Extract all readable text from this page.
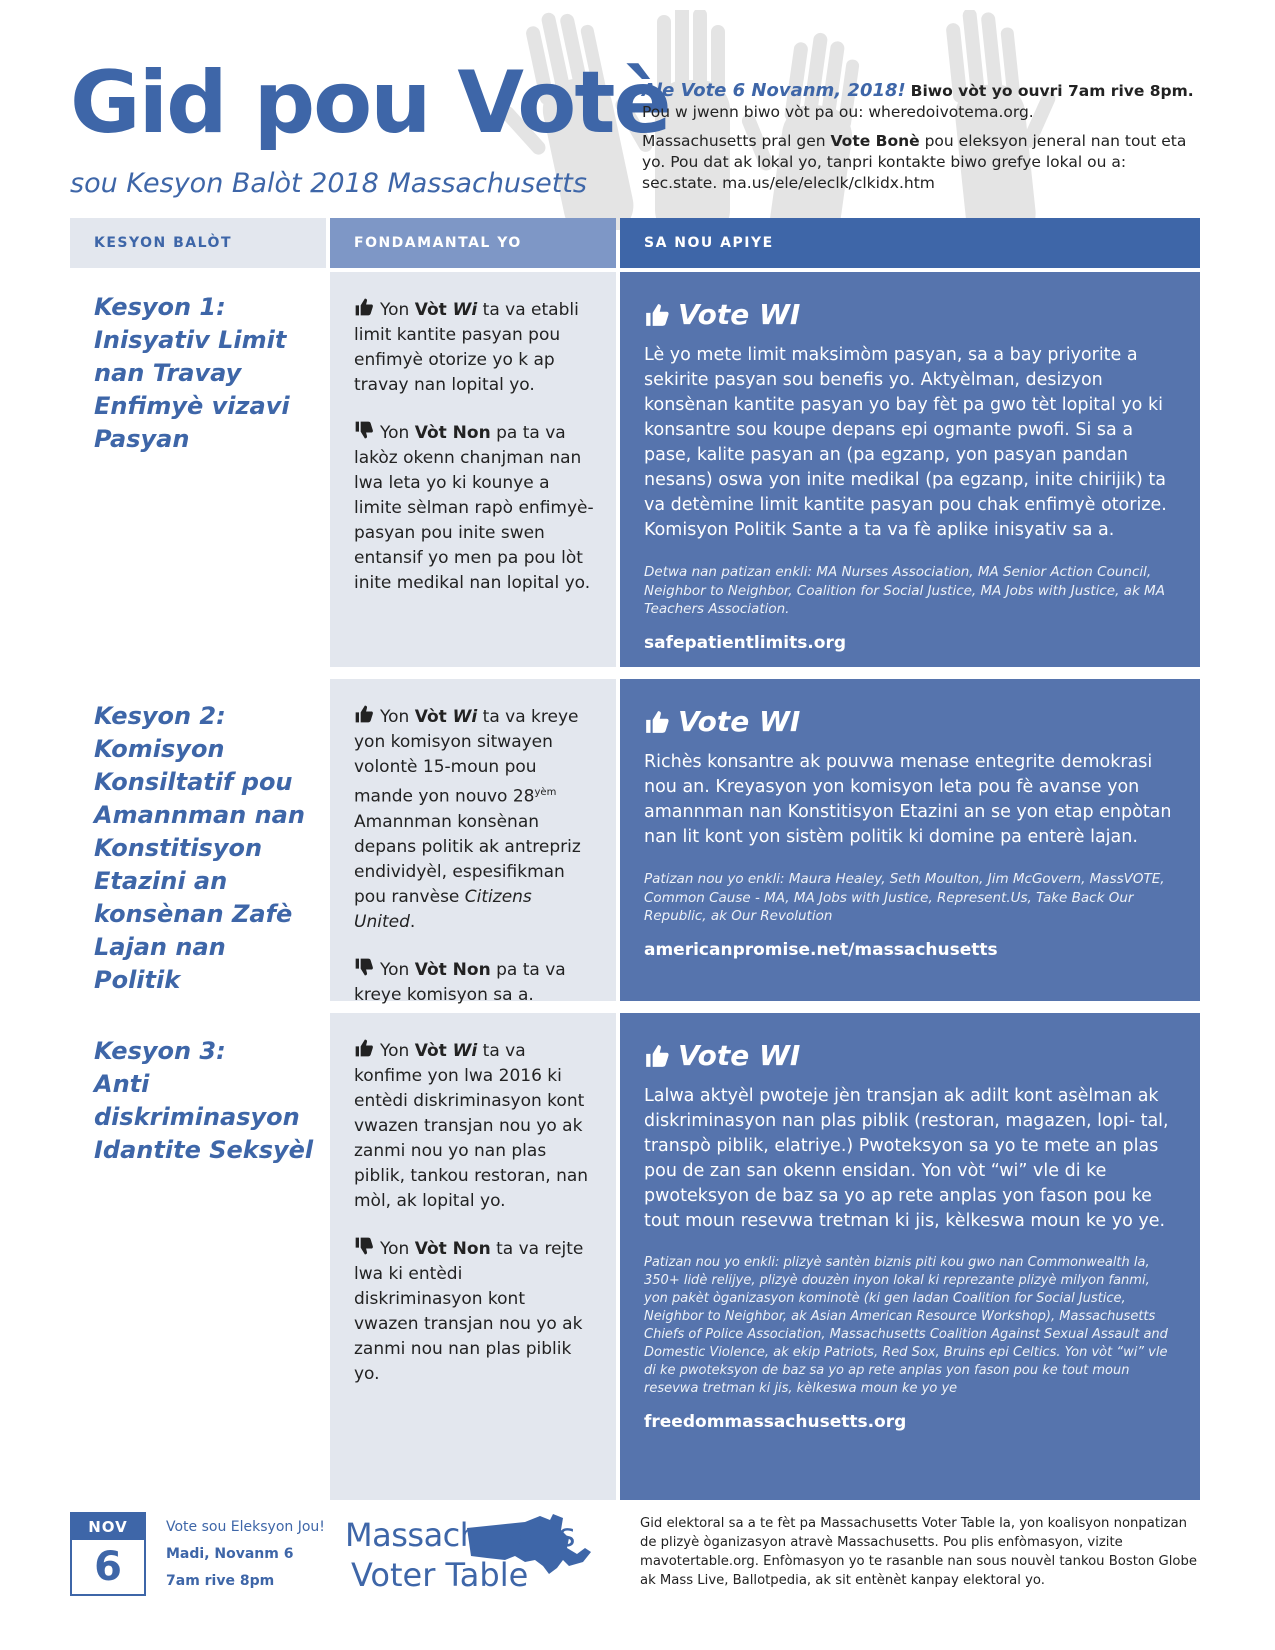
Gid pou Votè
sou Kesyon Balòt 2018 Massachusetts

Ale Vote 6 Novanm, 2018! Biwo vòt yo ouvri 7am rive 8pm.
Pou w jwenn biwo vòt pa ou: wheredoivotema.org.

Massachusetts pral gen Vote Bonè pou eleksyon jeneral nan tout eta yo. Pou dat ak lokal yo, tanpri kontakte biwo grefye lokal ou a: sec.state. ma.us/ele/eleclk/clkidx.htm

KESYON BALÒT	FONDAMANTAL YO	SA NOU APIYE
Kesyon 1:
Inisyativ Limit nan Travay Enfimyè vizavi Pasyan

Yon Vòt Wi ta va etabli limit kantite pasyan pou enfimyè otorize yo k ap travay nan lopital yo.

Yon Vòt Non pa ta va lakòz okenn chanjman nan lwa leta yo ki kounye a limite sèlman rapò enfimyè-pasyan pou inite swen entansif yo men pa pou lòt inite medikal nan lopital yo.

Vote WI

Lè yo mete limit maksimòm pasyan, sa a bay priyorite a sekirite pasyan sou benefis yo. Aktyèlman, desizyon konsènan kantite pasyan yo bay fèt pa gwo tèt lopital yo ki konsantre sou koupe depans epi ogmante pwofi. Si sa a pase, kalite pasyan an (pa egzanp, yon pasyan pandan nesans) oswa yon inite medikal (pa egzanp, inite chirijik) ta va detèmine limit kantite pasyan pou chak enfimyè otorize. Komisyon Politik Sante a ta va fè aplike inisyativ sa a.

Detwa nan patizan enkli: MA Nurses Association, MA Senior Action Council, Neighbor to Neighbor, Coalition for Social Justice, MA Jobs with Justice, ak MA Teachers Association.

safepatientlimits.org

Kesyon 2:
Komisyon Konsiltatif pou Amannman nan Konstitisyon Etazini an konsènan Zafè Lajan nan Politik

Yon Vòt Wi ta va kreye yon komisyon sitwayen volontè 15-moun pou mande yon nouvo $28^{yèm}$ Amannman konsènan depans politik ak antrepriz endividyèl, espesifikman pou ranvèse Citizens United.

Yon Vòt Non pa ta va kreye komisyon sa a.

Vote WI

Richès konsantre ak pouvwa menase entegrite demokrasi nou an. Kreyasyon yon komisyon leta pou fè avanse yon amannman nan Konstitisyon Etazini an se yon etap enpòtan nan lit kont yon sistèm politik ki domine pa enterè lajan.

Patizan nou yo enkli: Maura Healey, Seth Moulton, Jim McGovern, MassVOTE, Common Cause - MA, MA Jobs with Justice, Represent.Us, Take Back Our Republic, ak Our Revolution

americanpromise.net/massachusetts

Kesyon 3:
Anti diskriminasyon Idantite Seksyèl

Yon Vòt Wi ta va konfime yon lwa 2016 ki entèdi diskriminasyon kont vwazen transjan nou yo ak zanmi nou yo nan plas piblik, tankou restoran, nan mòl, ak lopital yo.

Yon Vòt Non ta va rejte lwa ki entèdi diskriminasyon kont vwazen transjan nou yo ak zanmi nou nan plas piblik yo.

Vote WI

Lalwa aktyèl pwoteje jèn transjan ak adilt kont asèlman ak diskriminasyon nan plas piblik (restoran, magazen, lopi- tal, transpò piblik, elatriye.) Pwoteksyon sa yo te mete an plas pou de zan san okenn ensidan. Yon vòt “wi” vle di ke pwoteksyon de baz sa yo ap rete anplas yon fason pou ke tout moun resevwa tretman ki jis, kèlkeswa moun ke yo ye.

Patizan nou yo enkli: plizyè santèn biznis piti kou gwo nan Commonwealth la, 350+ lidè relijye, plizyè douzèn inyon lokal ki reprezante plizyè milyon fanmi, yon pakèt òganizasyon kominotè (ki gen ladan Coalition for Social Justice, Neighbor to Neighbor, ak Asian American Resource Workshop), Massachusetts Chiefs of Police Association, Massachusetts Coalition Against Sexual Assault and Domestic Violence, ak ekip Patriots, Red Sox, Bruins epi Celtics. Yon vòt “wi” vle di ke pwoteksyon de baz sa yo ap rete anplas yon fason pou ke tout moun resevwa tretman ki jis, kèlkeswa moun ke yo ye

freedommassachusetts.org

NOV
6
Vote sou Eleksyon Jou!
Madi, Novanm 6
7am rive 8pm
Massachusetts
Voter Table
Gid elektoral sa a te fèt pa Massachusetts Voter Table la, yon koalisyon nonpatizan de plizyè òganizasyon atravè Massachusetts. Pou plis enfòmasyon, vizite mavotertable.org. Enfòmasyon yo te rasanble nan sous nouvèl tankou Boston Globe ak Mass Live, Ballotpedia, ak sit entènèt kanpay elektoral yo.
